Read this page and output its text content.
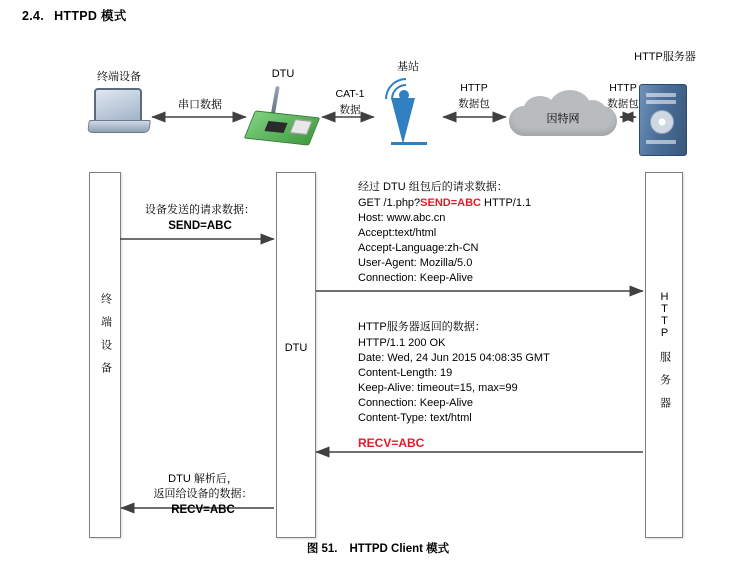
2.4. HTTPD 模式
终端设备	DTU
基站
因特网
HTTP服务器
串口数据
CAT-1
数据
HTTP
数据包
HTTP
数据包
终 端 设 备	DTU	HTTP 服 务 器
设备发送的请求数据：
SEND=ABC
经过 DTU 组包后的请求数据：
GET /1.php?SEND=ABC HTTP/1.1
Host: www.abc.cn
Accept:text/html
Accept-Language:zh-CN
User-Agent: Mozilla/5.0
Connection: Keep-Alive
HTTP服务器返回的数据：
HTTP/1.1 200 OK
Date: Wed, 24 Jun 2015 04:08:35 GMT
Content-Length: 19
Keep-Alive: timeout=15, max=99
Connection: Keep-Alive
Content-Type: text/html
RECV=ABC
DTU 解析后，
返回给设备的数据：
RECV=ABC
图 51. HTTPD Client 模式
